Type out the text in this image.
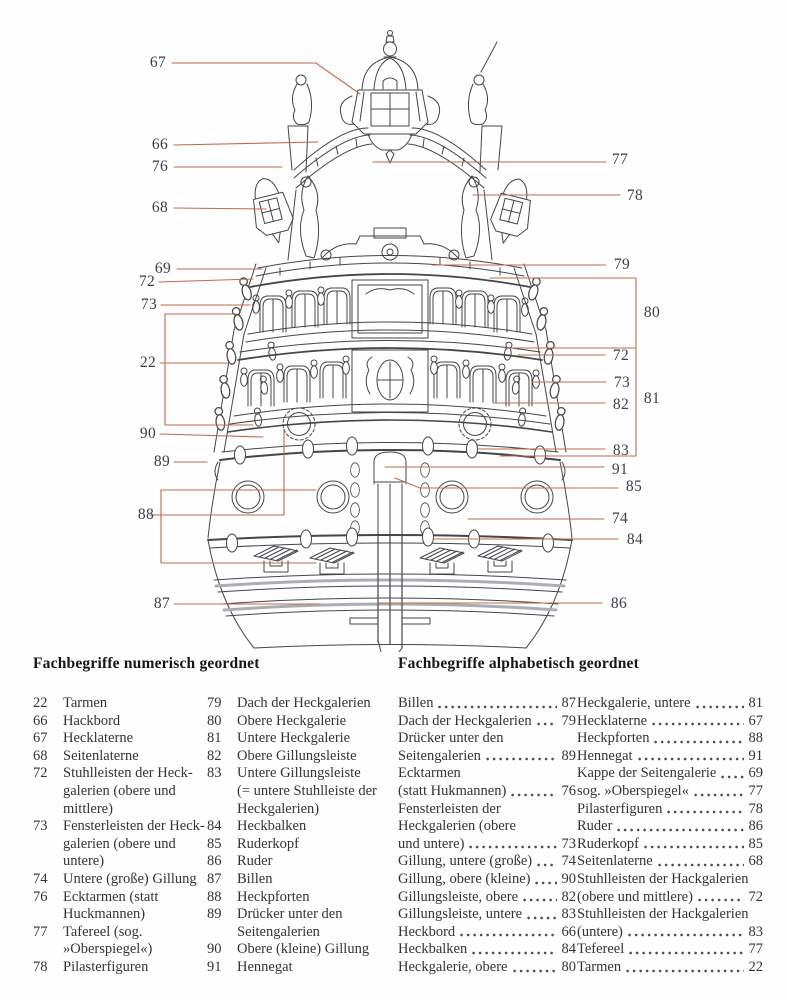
67
66
76
68
69
72
73
22
90
89
88
87
77
78
79
80
72
73
82 81
83
91
85
74
84
86
Fachbegriffe numerisch geordnet	Fachbegriffe alphabetisch geordnet
22	Tarmen
66	Hackbord
67	Hecklaterne
68	Seitenlaterne
72	Stuhlleisten der Heck-
galerien (obere und
mittlere)
73	Fensterleisten der Heck-
galerien (obere und
untere)
74	Untere (große) Gillung
76	Ecktarmen (statt
Huckmannen)
77	Tafereel (sog.
»Oberspiegel«)
78	Pilasterfiguren
79	Dach der Heckgalerien
80	Obere Heckgalerie
81	Untere Heckgalerie
82	Obere Gillungsleiste
83	Untere Gillungsleiste
(= untere Stuhlleiste der
Heckgalerien)
84	Heckbalken
85	Ruderkopf
86	Ruder
87	Billen
88	Heckpforten
89	Drücker unter den
Seitengalerien
90	Obere (kleine) Gillung
91	Hennegat
Billen	87
Dach der Heckgalerien 79
Drücker unter den
Seitengalerien	89
Ecktarmen
(statt Hukmannen)	76
Fensterleisten der
Heckgalerien (obere
und untere)	73
Gillung, untere (große) 74
Gillung, obere (kleine) 90
Gillungsleiste, obere	82
Gillungsleiste, untere	83
Heckbord	66
Heckbalken	84
Heckgalerie, obere	80
Heckgalerie, untere	81
Hecklaterne	67
Heckpforten	88
Hennegat	91
Kappe der Seitengalerie 69
sog. »Oberspiegel«	77
Pilasterfiguren	78
Ruder	86
Ruderkopf	85
Seitenlaterne	68
Stuhlleisten der Hackgalerien
(obere und mittlere)	72
Stuhlleisten der Hackgalerien
(untere)	83
Tefereel	77
Tarmen	22
